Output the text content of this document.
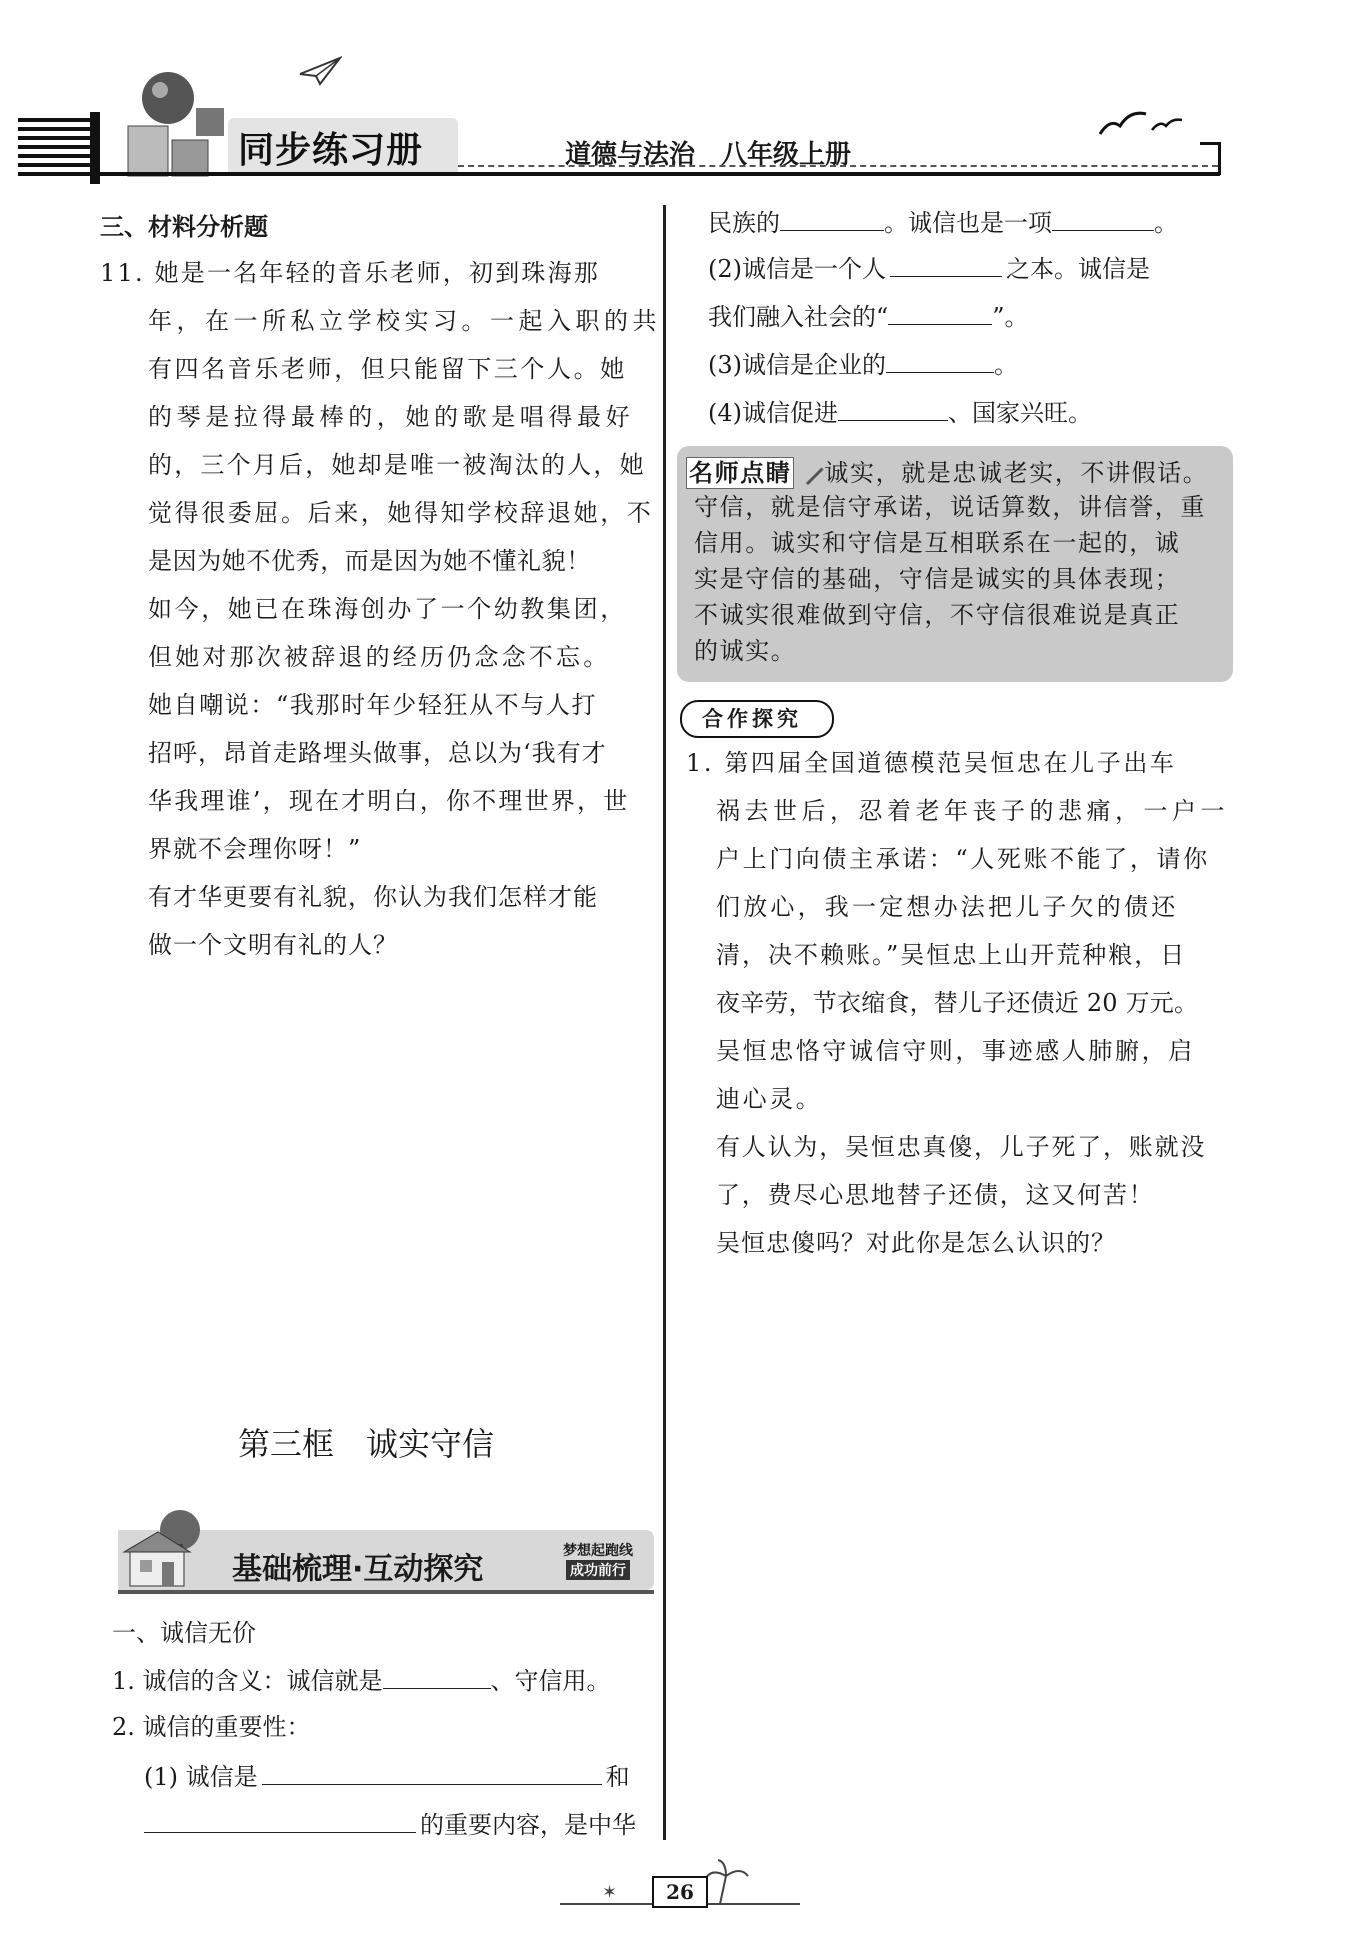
同步练习册	道德与法治　八年级上册
三、材料分析题
11. 她是一名年轻的音乐老师，初到珠海那
年，在一所私立学校实习。一起入职的共
有四名音乐老师，但只能留下三个人。她
的琴是拉得最棒的，她的歌是唱得最好
的，三个月后，她却是唯一被淘汰的人，她
觉得很委屈。后来，她得知学校辞退她，不
是因为她不优秀，而是因为她不懂礼貌！
如今，她已在珠海创办了一个幼教集团，
但她对那次被辞退的经历仍念念不忘。
她自嘲说：“我那时年少轻狂从不与人打
招呼，昂首走路埋头做事，总以为‘我有才
华我理谁’，现在才明白，你不理世界，世
界就不会理你呀！”
有才华更要有礼貌，你认为我们怎样才能
做一个文明有礼的人？
第三框　诚实守信
基础梳理·互动探究
梦想起跑线
成功前行
一、诚信无价
1. 诚信的含义：诚信就是	、守信用。
2. 诚信的重要性：
(1) 诚信是	和
的重要内容，是中华
民族的	。诚信也是一项	。
(2)诚信是一个人	之本。诚信是
我们融入社会的“	”。
(3)诚信是企业的	。
(4)诚信促进	、国家兴旺。
名师点睛 诚实，就是忠诚老实，不讲假话。
守信，就是信守承诺，说话算数，讲信誉，重
信用。诚实和守信是互相联系在一起的，诚
实是守信的基础，守信是诚实的具体表现；
不诚实很难做到守信，不守信很难说是真正
的诚实。
合作探究
1. 第四届全国道德模范吴恒忠在儿子出车
祸去世后，忍着老年丧子的悲痛，一户一
户上门向债主承诺：“人死账不能了，请你
们放心，我一定想办法把儿子欠的债还
清，决不赖账。”吴恒忠上山开荒种粮，日
夜辛劳，节衣缩食，替儿子还债近 20 万元。
吴恒忠恪守诚信守则，事迹感人肺腑，启
迪心灵。
有人认为，吴恒忠真傻，儿子死了，账就没
了，费尽心思地替子还债，这又何苦！
吴恒忠傻吗？对此你是怎么认识的？
✶	26
